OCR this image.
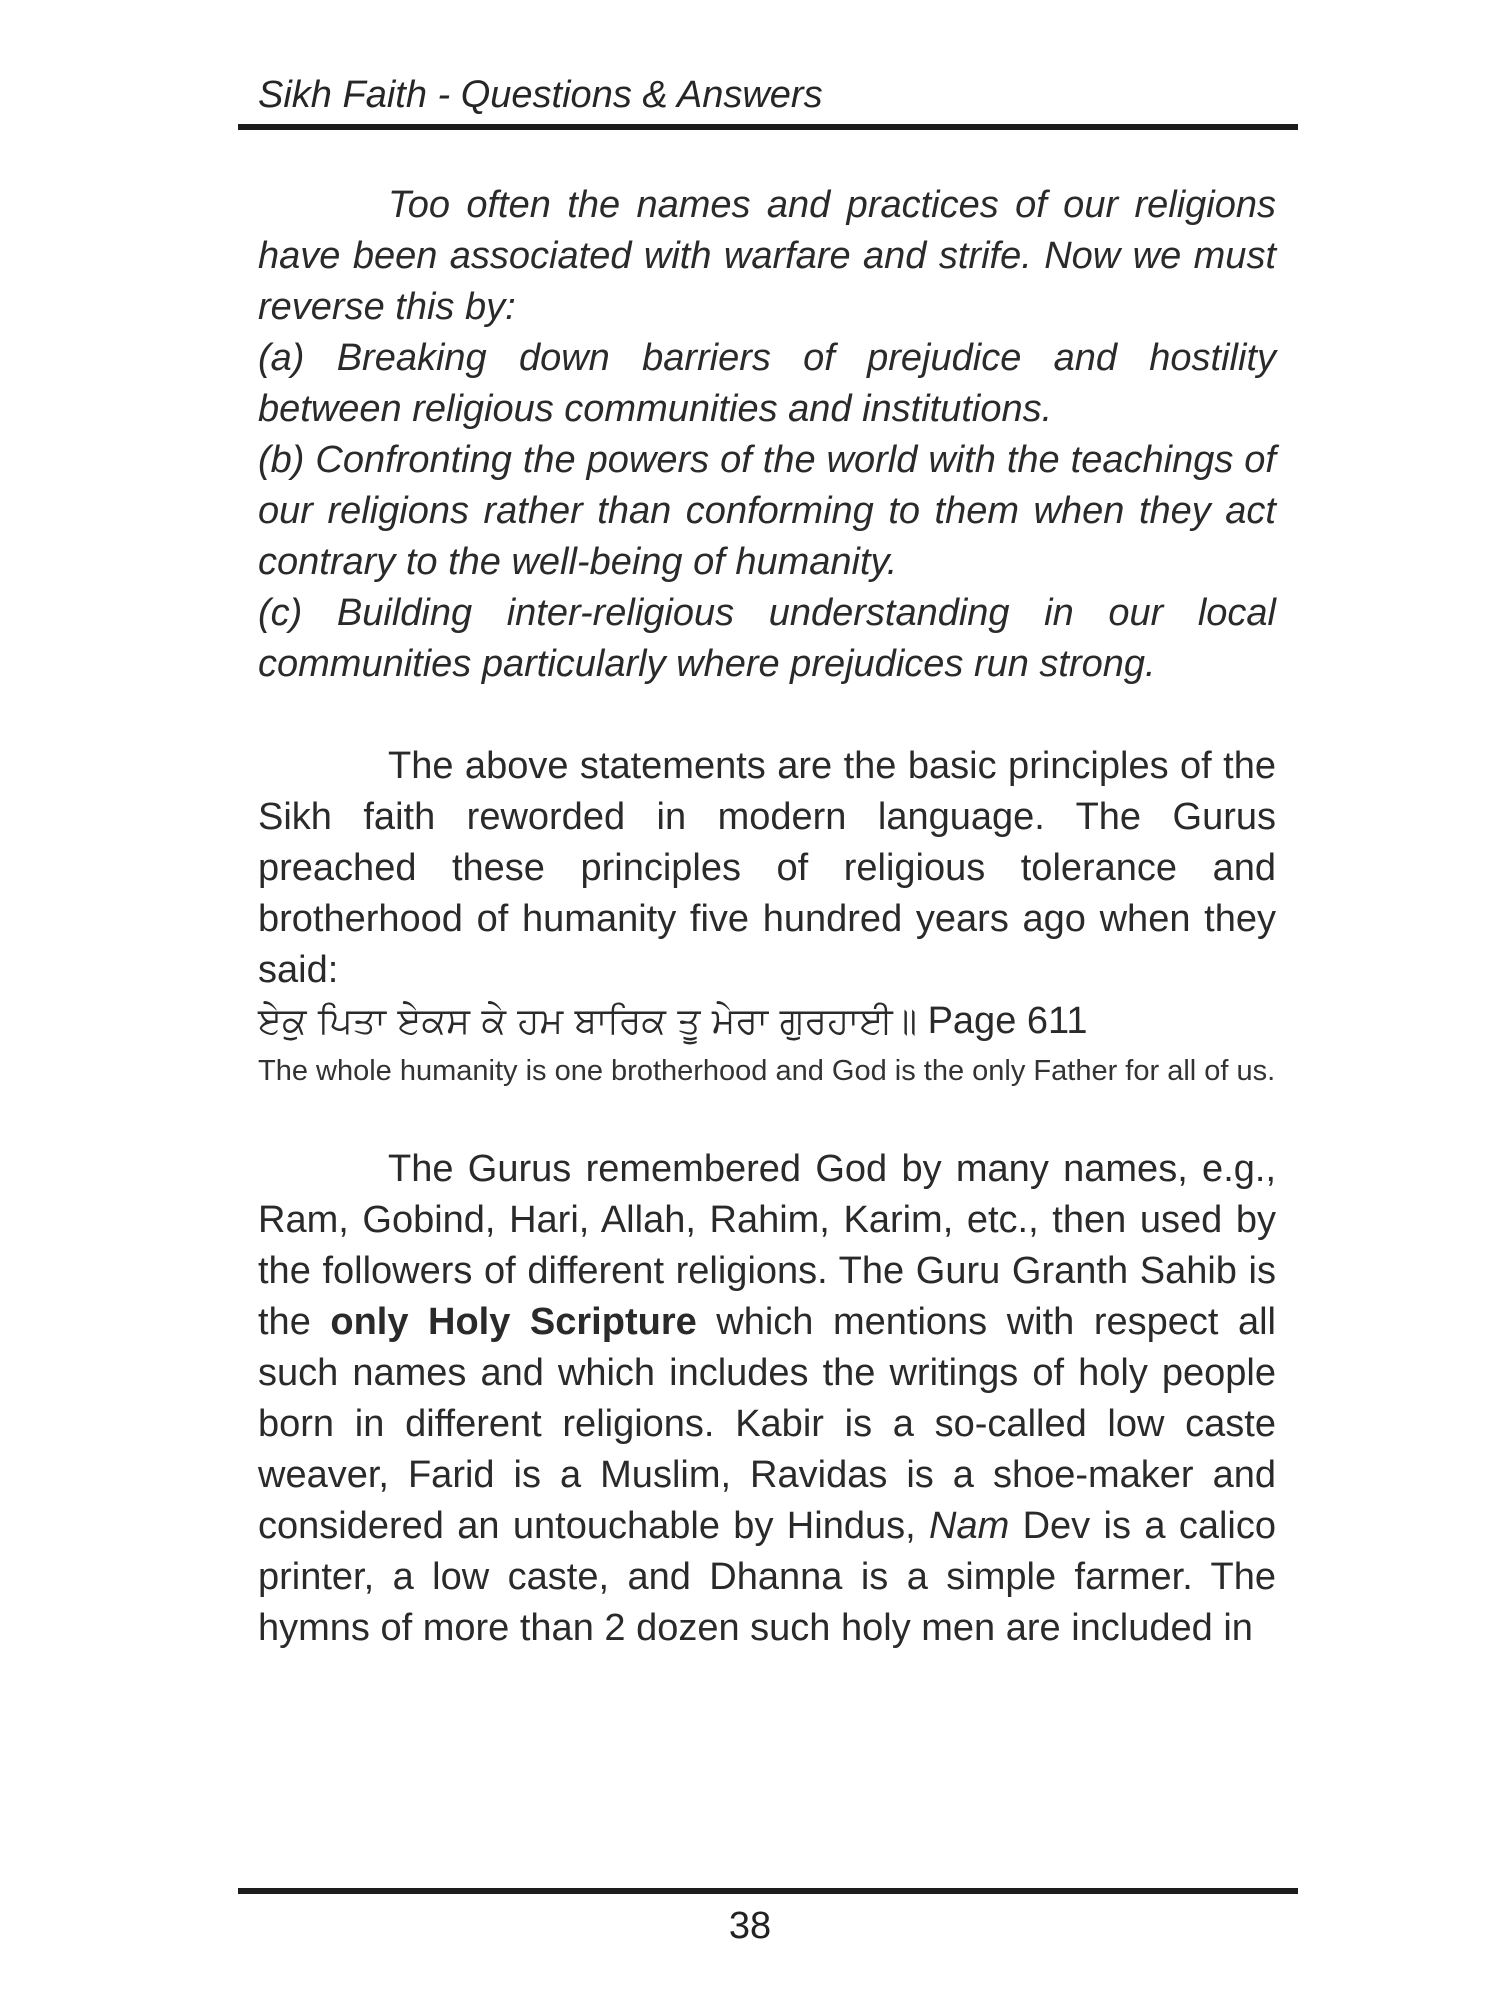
Sikh Faith - Questions & Answers

Too often the names and practices of our religions have been associated with warfare and strife. Now we must reverse this by:

(a) Breaking down barriers of prejudice and hostility between religious communities and institutions.

(b) Confronting the powers of the world with the teachings of our religions rather than conforming to them when they act contrary to the well-being of humanity.

(c) Building inter-religious understanding in our local communities particularly where prejudices run strong.

The above statements are the basic principles of the Sikh faith reworded in modern language. The Gurus preached these principles of religious tolerance and brotherhood of humanity five hundred years ago when they said:

ਏਕੁ ਪਿਤਾ ਏਕਸ ਕੇ ਹਮ ਬਾਰਿਕ ਤੂ ਮੇਰਾ ਗੁਰਹਾਈ॥ Page 611

The whole humanity is one brotherhood and God is the only Father for all of us.

The Gurus remembered God by many names, e.g., Ram, Gobind, Hari, Allah, Rahim, Karim, etc., then used by the followers of different religions. The Guru Granth Sahib is the only Holy Scripture which mentions with respect all such names and which includes the writings of holy people born in different religions. Kabir is a so-called low caste weaver, Farid is a Muslim, Ravidas is a shoe-maker and considered an untouchable by Hindus, Nam Dev is a calico printer, a low caste, and Dhanna is a simple farmer. The hymns of more than 2 dozen such holy men are included in

38
